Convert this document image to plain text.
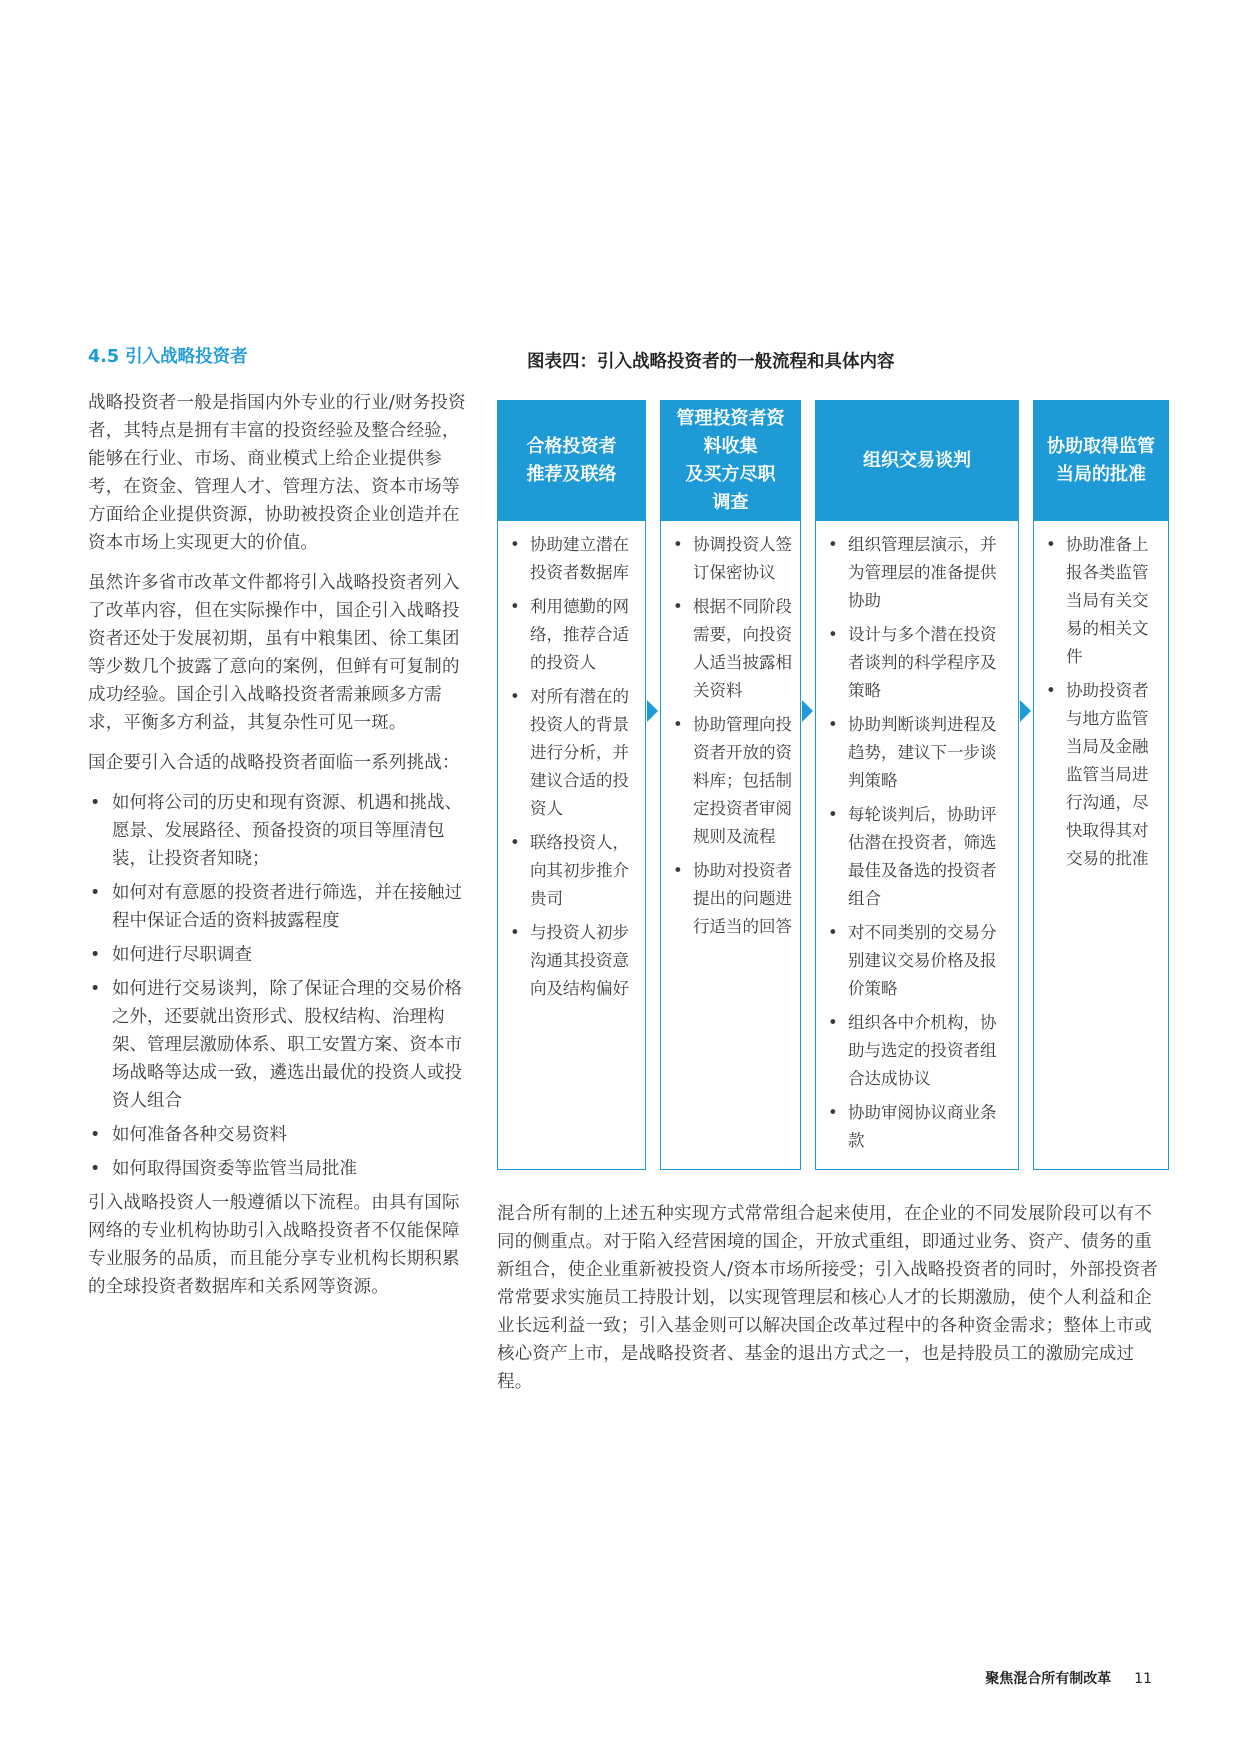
4.5 引入战略投资者

战略投资者一般是指国内外专业的行业/财务投资者，其特点是拥有丰富的投资经验及整合经验，能够在行业、市场、商业模式上给企业提供参考，在资金、管理人才、管理方法、资本市场等方面给企业提供资源，协助被投资企业创造并在资本市场上实现更大的价值。

虽然许多省市改革文件都将引入战略投资者列入了改革内容，但在实际操作中，国企引入战略投资者还处于发展初期，虽有中粮集团、徐工集团等少数几个披露了意向的案例，但鲜有可复制的成功经验。国企引入战略投资者需兼顾多方需求，平衡多方利益，其复杂性可见一斑。

国企要引入合适的战略投资者面临一系列挑战：

• 如何将公司的历史和现有资源、机遇和挑战、愿景、发展路径、预备投资的项目等厘清包装，让投资者知晓；
• 如何对有意愿的投资者进行筛选，并在接触过程中保证合适的资料披露程度
• 如何进行尽职调查
• 如何进行交易谈判，除了保证合理的交易价格之外，还要就出资形式、股权结构、治理构架、管理层激励体系、职工安置方案、资本市场战略等达成一致，遴选出最优的投资人或投资人组合
• 如何准备各种交易资料
• 如何取得国资委等监管当局批准

引入战略投资人一般遵循以下流程。由具有国际网络的专业机构协助引入战略投资者不仅能保障专业服务的品质，而且能分享专业机构长期积累的全球投资者数据库和关系网等资源。

图表四：引入战略投资者的一般流程和具体内容
合格投资者
推荐及联络
• 协助建立潜在投资者数据库
• 利用德勤的网络，推荐合适的投资人
• 对所有潜在的投资人的背景进行分析，并建议合适的投资人
• 联络投资人，向其初步推介贵司
• 与投资人初步沟通其投资意向及结构偏好
管理投资者资
料收集
及买方尽职
调查
• 协调投资人签订保密协议
• 根据不同阶段需要，向投资人适当披露相关资料
• 协助管理向投资者开放的资料库；包括制定投资者审阅规则及流程
• 协助对投资者提出的问题进行适当的回答
组织交易谈判
• 组织管理层演示，并为管理层的准备提供协助
• 设计与多个潜在投资者谈判的科学程序及策略
• 协助判断谈判进程及趋势，建议下一步谈判策略
• 每轮谈判后，协助评估潜在投资者，筛选最佳及备选的投资者组合
• 对不同类别的交易分别建议交易价格及报价策略
• 组织各中介机构，协助与选定的投资者组合达成协议
• 协助审阅协议商业条款
协助取得监管
当局的批准
• 协助准备上报各类监管当局有关交易的相关文件
• 协助投资者与地方监管当局及金融监管当局进行沟通，尽快取得其对交易的批准

混合所有制的上述五种实现方式常常组合起来使用，在企业的不同发展阶段可以有不同的侧重点。对于陷入经营困境的国企，开放式重组，即通过业务、资产、债务的重新组合，使企业重新被投资人/资本市场所接受；引入战略投资者的同时，外部投资者常常要求实施员工持股计划，以实现管理层和核心人才的长期激励，使个人利益和企业长远利益一致；引入基金则可以解决国企改革过程中的各种资金需求；整体上市或核心资产上市，是战略投资者、基金的退出方式之一，也是持股员工的激励完成过程。

聚焦混合所有制改革 11
